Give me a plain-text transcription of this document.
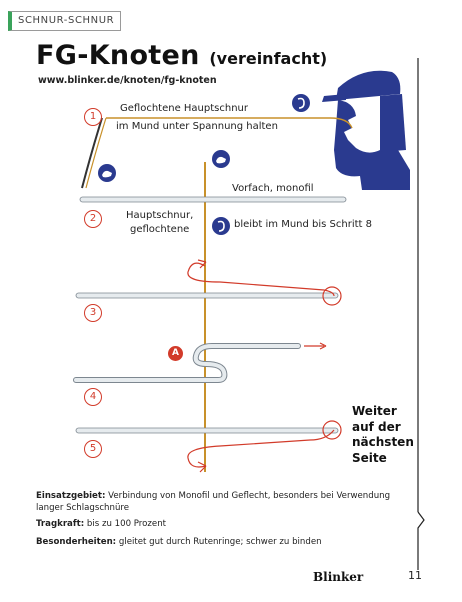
SCHNUR-SCHNUR
FG-Knoten (vereinfacht)
www.blinker.de/knoten/fg-knoten
1
Geflochtene Hauptschnur
im Mund unter Spannung halten
Vorfach, monofil
2	Hauptschnur,
geflochtene	bleibt im Mund bis Schritt 8
3
4
A
5
Weiter
auf der
nächsten
Seite
Einsatzgebiet: Verbindung von Monofil und Geflecht, besonders bei Verwendung langer Schlagschnüre
Tragkraft: bis zu 100 Prozent
Besonderheiten: gleitet gut durch Rutenringe; schwer zu binden
Blinker	11
